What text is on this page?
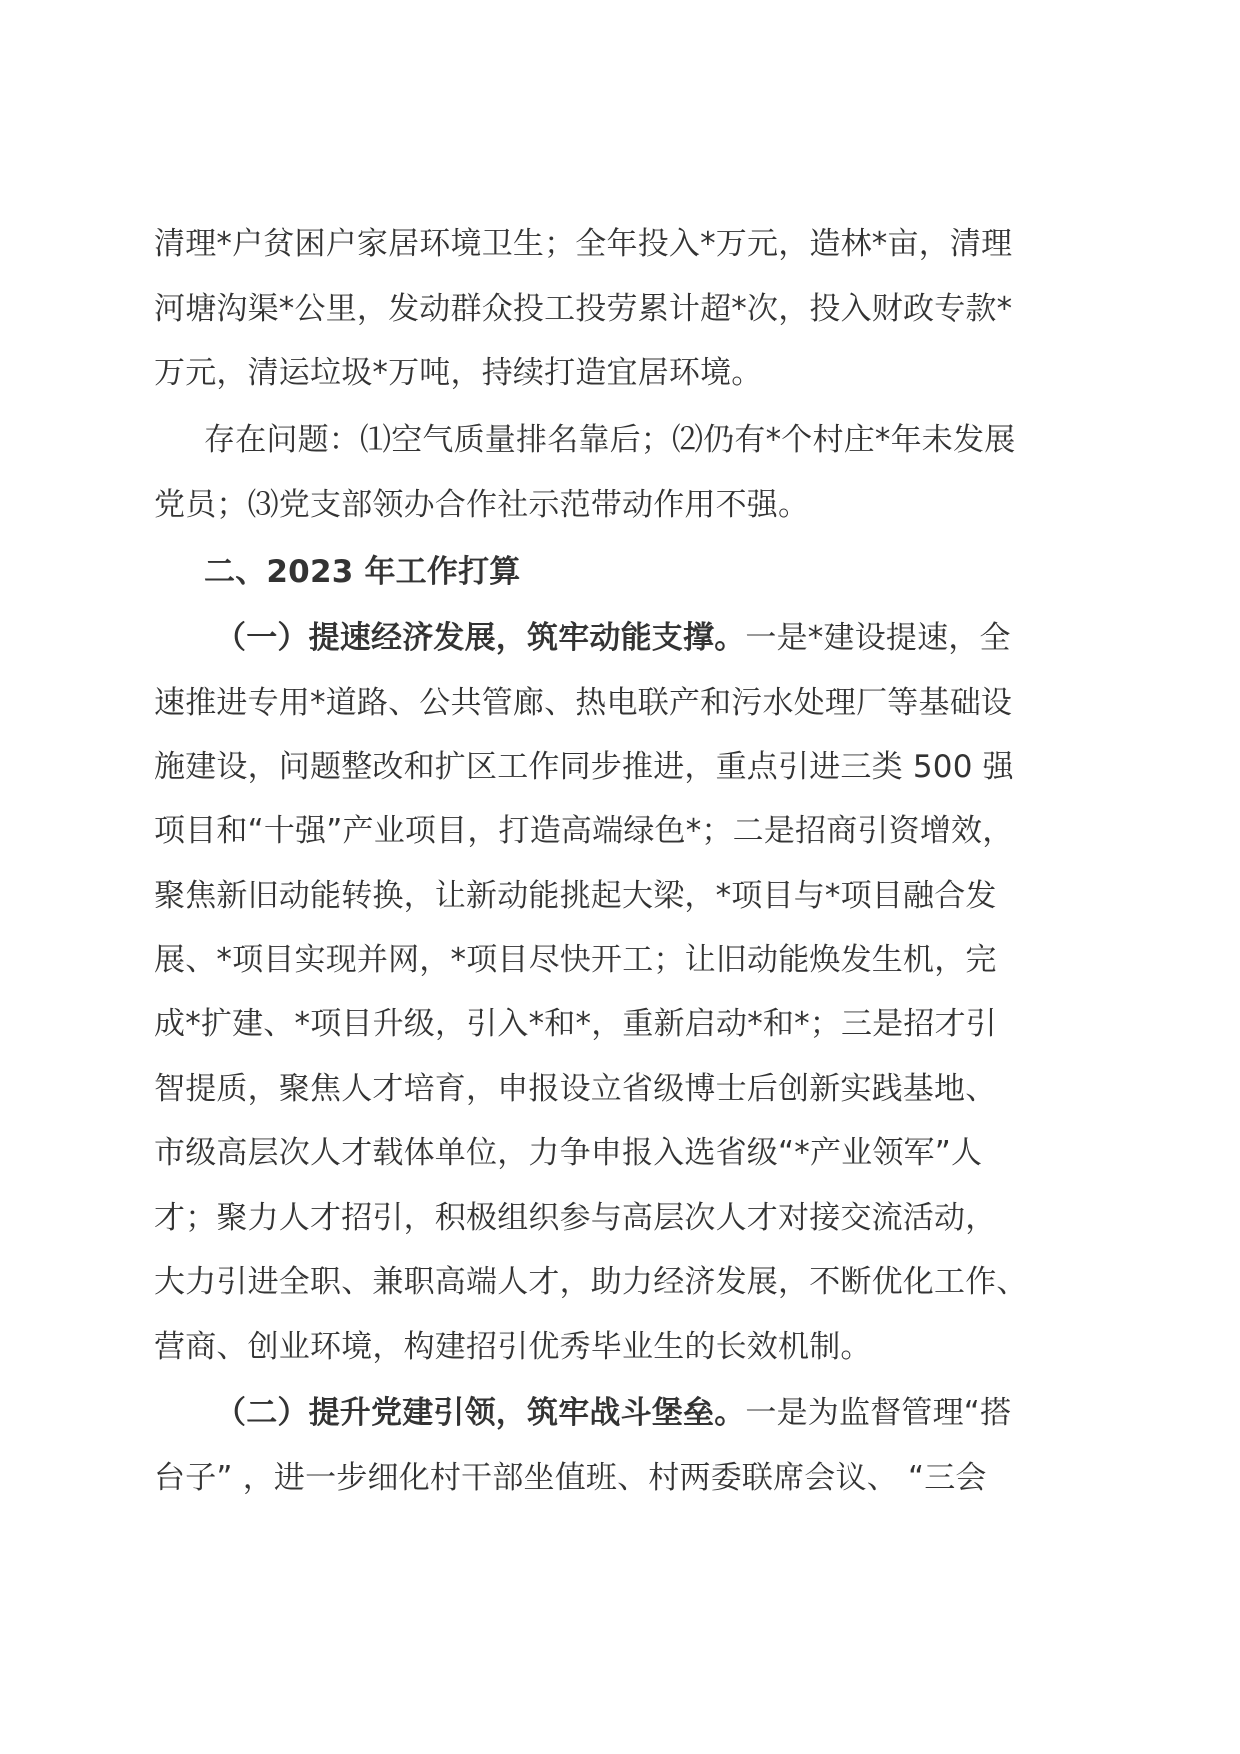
清理*户贫困户家居环境卫生；全年投入*万元，造林*亩，清理
河塘沟渠*公里，发动群众投工投劳累计超*次，投入财政专款*
万元，清运垃圾*万吨，持续打造宜居环境。
存在问题：⑴空气质量排名靠后；⑵仍有*个村庄*年未发展
党员；⑶党支部领办合作社示范带动作用不强。
二、2023 年工作打算
（一）提速经济发展，筑牢动能支撑。一是*建设提速，全
速推进专用*道路、公共管廊、热电联产和污水处理厂等基础设
施建设，问题整改和扩区工作同步推进，重点引进三类 500 强
项目和“十强”产业项目，打造高端绿色*；二是招商引资增效，
聚焦新旧动能转换，让新动能挑起大梁，*项目与*项目融合发
展、*项目实现并网，*项目尽快开工；让旧动能焕发生机，完
成*扩建、*项目升级，引入*和*，重新启动*和*；三是招才引
智提质，聚焦人才培育，申报设立省级博士后创新实践基地、
市级高层次人才载体单位，力争申报入选省级“*产业领军”人
才；聚力人才招引，积极组织参与高层次人才对接交流活动，
大力引进全职、兼职高端人才，助力经济发展，不断优化工作、
营商、创业环境，构建招引优秀毕业生的长效机制。
（二）提升党建引领，筑牢战斗堡垒。一是为监督管理“搭
台子” ，进一步细化村干部坐值班、村两委联席会议、 “三会
